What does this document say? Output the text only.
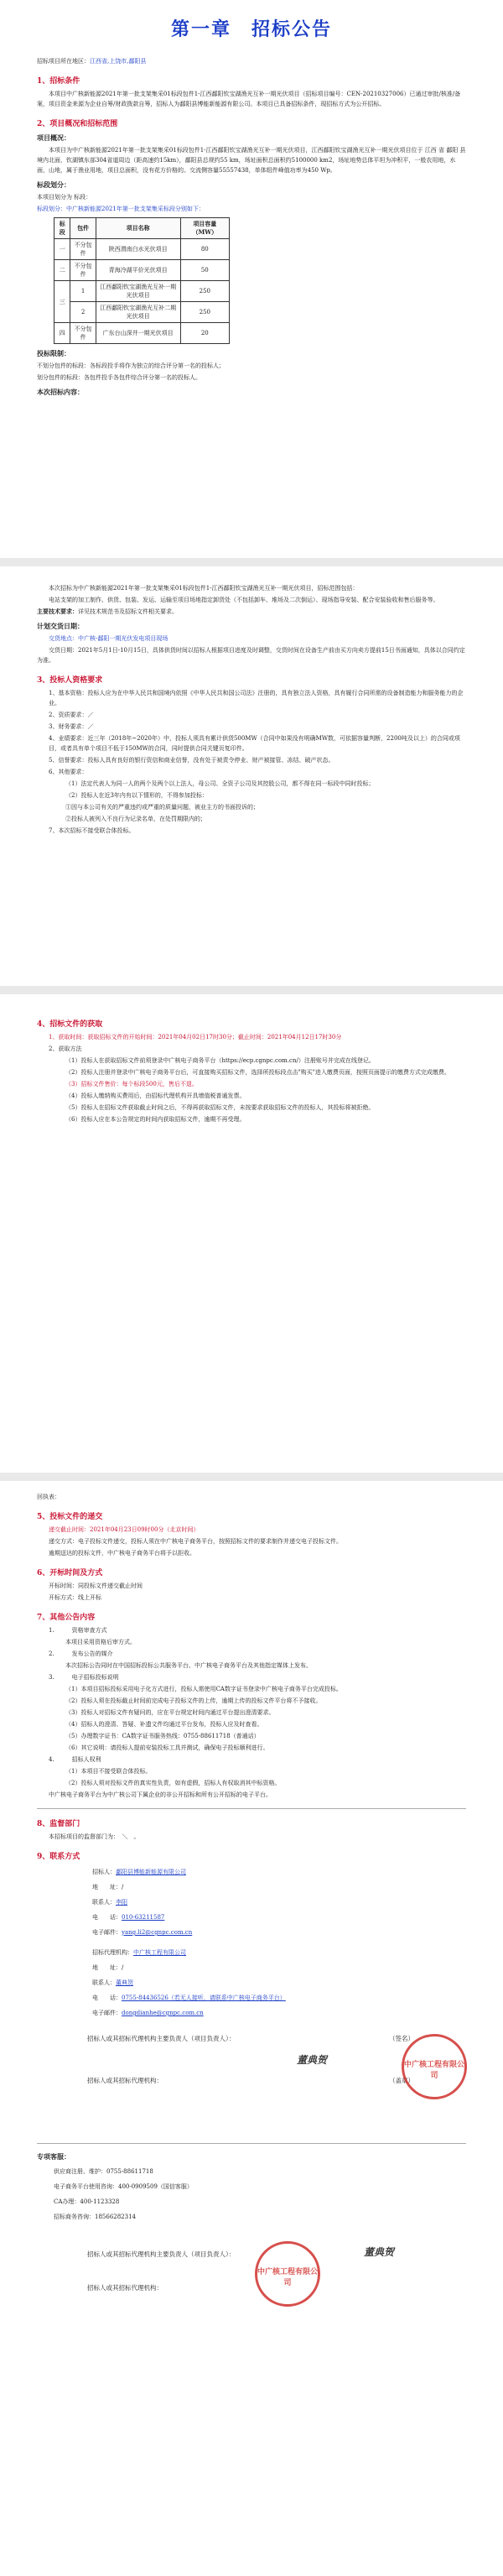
第一章　招标公告
招标项目所在地区：江西省,上饶市,鄱阳县
1、招标条件

本项目中广核新能源2021年第一批支架集采01标段包件1-江西鄱阳钦宝湖渔光互补一期光伏项目（招标项目编号：CEN-20210327006）已通过审批/核准/备案，项目资金来源为企业自筹/财政拨款自筹，招标人为鄱阳县博能新能源有限公司。本项目已具备招标条件，现招标方式为公开招标。

2、项目概况和招标范围
项目概况：

本项目为中广核新能源2021年第一批支架集采01标段包件1-江西鄱阳钦宝湖渔光互补一期光伏项目，江西鄱阳钦宝湖渔光互补一期光伏项目位于 江西 省 鄱阳 县境内北面，钦湖镇东部304省道周边（距高速约15km），鄱阳县总规约55 km，场址面积总面积约5100000 km2，场址地势总体平坦为冲积平，一般农用地，水面，山地，属于渔业用地，项目总面积，没有花方价格的。交流侧容量55557438，单体组件峰值功率为450 Wp。

标段划分：

本项目划分为 标段：

标段划分：中广核新能源2021年第一批支架集采标段分别如下：

标段	包件	项目名称	项目容量（MW）
一	不分包件	陕西渭南白水光伏项目	80
二	不分包件	青海冷湖平价光伏项目	50
三	1	江西鄱阳钦宝湖渔光互补一期光伏项目	250
	2	江西鄱阳钦宝湖渔光互补二期光伏项目	250
四	不分包件	广东台山深井一期光伏项目	20
投标限制：

不划分包件的标段：各标段投手将作为独立的综合评分第一名的投标人；

划分包件的标段：各包件投手各包件综合评分第一名的投标人。

本次招标内容：

本次招标为中广核新能源2021年第一批支架集采01标段包件1-江西鄱阳钦宝湖渔光互补一期光伏项目，招标范围包括：

电站支架的加工制作、供货、包装、发运、运输至项目场地指定卸货处（不包括卸车、堆场及二次倒运）、现场指导安装、配合安装验收和售后服务等。

主要技术要求：详见技术规范书及招标文件相关要求。
计划交货日期：

交货地点：中广核-鄱阳一期光伏发电项目现场

交货日期：2021年5月1日-10月15日，具体供货时间以招标人根据项目进度及时调整，交货时间在设备生产前由买方向卖方提前15日书面通知，具体以合同约定为准。

3、投标人资格要求
1、基本资格：投标人应为在中华人民共和国境内依照《中华人民共和国公司法》注册的，具有独立法人资格，具有履行合同所需的设备制造能力和服务能力的企业。
2、资质要求：／
3、财务要求：／
4、业绩要求：近三年（2018年~2020年）中，投标人须具有累计供货500MW（合同中如果没有明确MW数，可依据容量判断，2200吨及以上）的合同或项目，或者具有单个项目不低于150MW的合同，同时提供合同关键页复印件。
5、信誉要求：投标人具有良好的银行资信和商业信誉，没有处于被责令停业、财产被接管、冻结、破产状态。
6、其他要求：
（1）法定代表人为同一人的两个及两个以上法人，母公司、全资子公司及其控股公司，都不得在同一标段中同时投标；
（2）投标人在近3年内有以下情形的，不得参加投标：
①因与本公司有关的严重违约或严重的质量问题，被业主方的书面投诉的；
②投标人被列入不良行为记录名单，在处罚期限内的；
7、本次招标不接受联合体投标。
4、招标文件的获取
1、获取时间：获取招标文件的开始时间：2021年04月02日17时30分；截止时间：2021年04月12日17时30分
2、获取方法
（1）投标人在获取招标文件前须登录中广核电子商务平台（https://ecp.cgnpc.com.cn/）注册账号并完成在线登记。
（2）投标人注册并登录中广核电子商务平台后，可直接购买招标文件，选择所投标段点击"购买"进入缴费页面，按照页面提示的缴费方式完成缴费。
（3）招标文件售价：每个标段500元，售后不退。
（4）投标人缴纳购买费用后，由招标代理机构开具增值税普通发票。
（5）投标人在招标文件获取截止时间之后，不得再获取招标文件，未按要求获取招标文件的投标人，其投标将被拒绝。
（6）投标人应在本公告规定的时间内获取招标文件，逾期不再受理。
回执表：
5、投标文件的递交
递交截止时间：2021年04月23日09时00分（北京时间）
递交方式：电子投标文件递交，投标人须在中广核电子商务平台，按照招标文件的要求制作并递交电子投标文件。
逾期送达的投标文件，中广核电子商务平台将予以拒收。
6、开标时间及方式
开标时间：同投标文件递交截止时间
开标方式：线上开标
7、其他公告内容
1.　　　资格审查方式
本项目采用资格后审方式。
2.　　　发布公告的媒介
本次招标公告同时在中国招标投标公共服务平台、中广核电子商务平台及其他指定媒体上发布。
3.　　　电子招标投标说明
（1）本项目招标投标采用电子化方式进行，投标人需使用CA数字证书登录中广核电子商务平台完成投标。
（2）投标人须在投标截止时间前完成电子投标文件的上传，逾期上传的投标文件平台将不予接收。
（3）投标人对招标文件有疑问的，应在平台规定时间内通过平台提出澄清要求。
（4）招标人的澄清、答疑、补遗文件均通过平台发布，投标人应及时查看。
（5）办理数字证书：CA数字证书服务热线：0755-88611718（普通话）
（6）其它说明：请投标人提前安装投标工具并测试，确保电子投标顺利进行。
4.　　　招标人权利
（1）本项目不接受联合体投标。
（2）投标人须对投标文件的真实性负责，如有虚假，招标人有权取消其中标资格。
中广核电子商务平台为中广核公司下属企业的非公开招标和所有公开招标的电子平台。
8、监督部门
本招标项目的监督部门为：　＼　。
9、联系方式
招标人：鄱阳县博能新能源有限公司
地　　址：/
联系人：李阳
电　　话：010-63211587
电子邮件：yang.li2@cgnpc.com.cn
招标代理机构：中广核工程有限公司
地　　址：/
联系人：董典贺
电　　话：0755-84436526（若无人接听，请联系中广核电子商务平台）
电子邮件：dongdianhe@cgnpc.com.cn
招标人或其招标代理机构主要负责人（项目负责人）：	（签名）
董典贺
招标人或其招标代理机构：	（盖章）
中广核工程有限公司
专项客服：
供应商注册、维护：0755-88611718
电子商务平台使用咨询：400-0909509（国信客服）
CA办理：400-1123328
招标商务咨询：18566282314
招标人或其招标代理机构主要负责人（项目负责人）：	董典贺
招标人或其招标代理机构：
中广核工程有限公司
